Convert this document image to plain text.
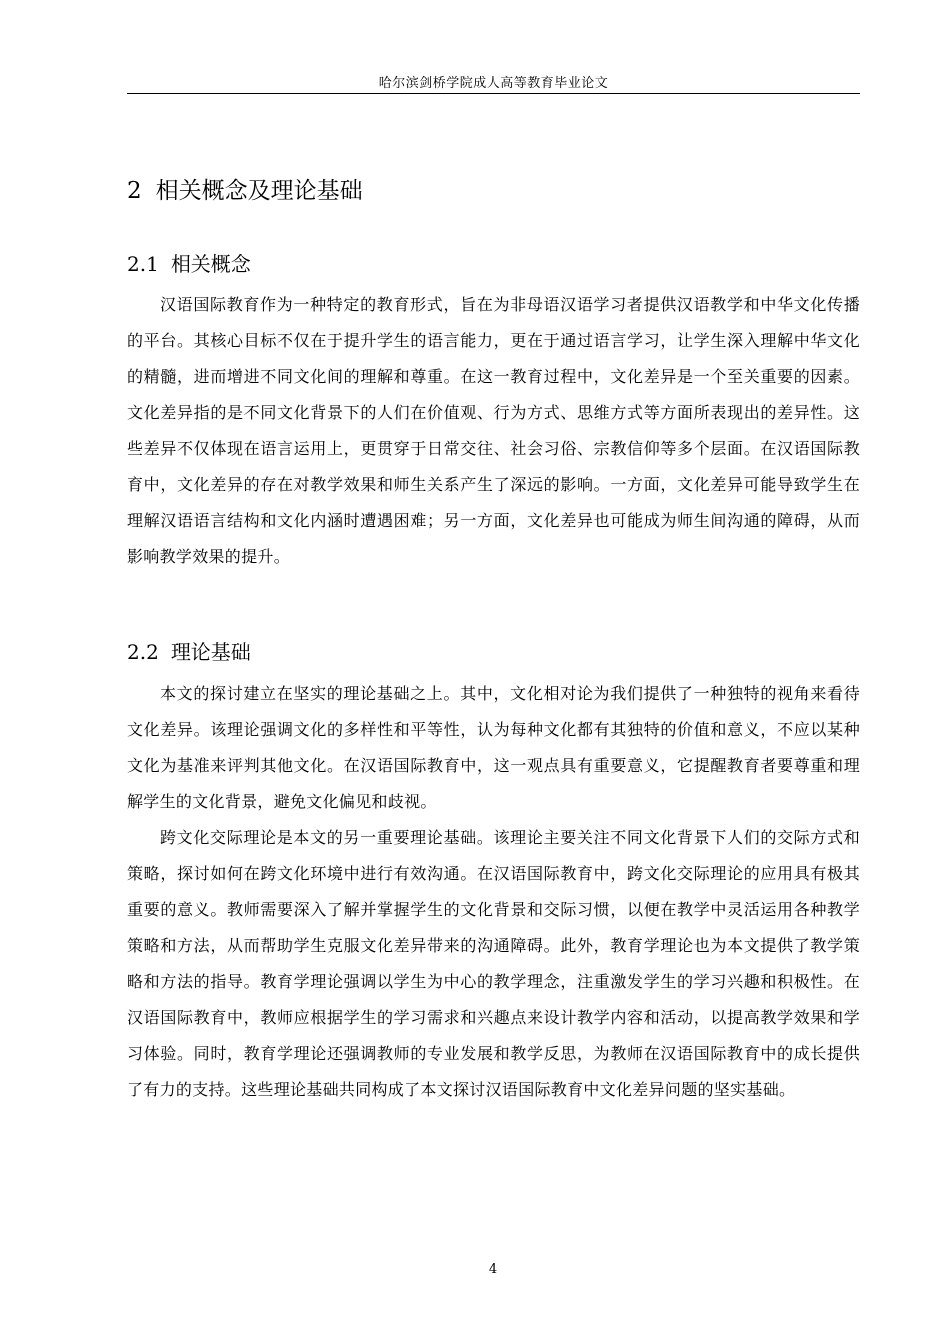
哈尔滨剑桥学院成人高等教育毕业论文
2 相关概念及理论基础
2.1 相关概念

汉语国际教育作为一种特定的教育形式，旨在为非母语汉语学习者提供汉语教学和中华文化传播的平台。其核心目标不仅在于提升学生的语言能力，更在于通过语言学习，让学生深入理解中华文化的精髓，进而增进不同文化间的理解和尊重。在这一教育过程中，文化差异是一个至关重要的因素。文化差异指的是不同文化背景下的人们在价值观、行为方式、思维方式等方面所表现出的差异性。这些差异不仅体现在语言运用上，更贯穿于日常交往、社会习俗、宗教信仰等多个层面。在汉语国际教育中，文化差异的存在对教学效果和师生关系产生了深远的影响。一方面，文化差异可能导致学生在理解汉语语言结构和文化内涵时遭遇困难；另一方面，文化差异也可能成为师生间沟通的障碍，从而影响教学效果的提升。

2.2 理论基础

本文的探讨建立在坚实的理论基础之上。其中，文化相对论为我们提供了一种独特的视角来看待文化差异。该理论强调文化的多样性和平等性，认为每种文化都有其独特的价值和意义，不应以某种文化为基准来评判其他文化。在汉语国际教育中，这一观点具有重要意义，它提醒教育者要尊重和理解学生的文化背景，避免文化偏见和歧视。

跨文化交际理论是本文的另一重要理论基础。该理论主要关注不同文化背景下人们的交际方式和策略，探讨如何在跨文化环境中进行有效沟通。在汉语国际教育中，跨文化交际理论的应用具有极其重要的意义。教师需要深入了解并掌握学生的文化背景和交际习惯，以便在教学中灵活运用各种教学策略和方法，从而帮助学生克服文化差异带来的沟通障碍。此外，教育学理论也为本文提供了教学策略和方法的指导。教育学理论强调以学生为中心的教学理念，注重激发学生的学习兴趣和积极性。在汉语国际教育中，教师应根据学生的学习需求和兴趣点来设计教学内容和活动，以提高教学效果和学习体验。同时，教育学理论还强调教师的专业发展和教学反思，为教师在汉语国际教育中的成长提供了有力的支持。这些理论基础共同构成了本文探讨汉语国际教育中文化差异问题的坚实基础。

4
